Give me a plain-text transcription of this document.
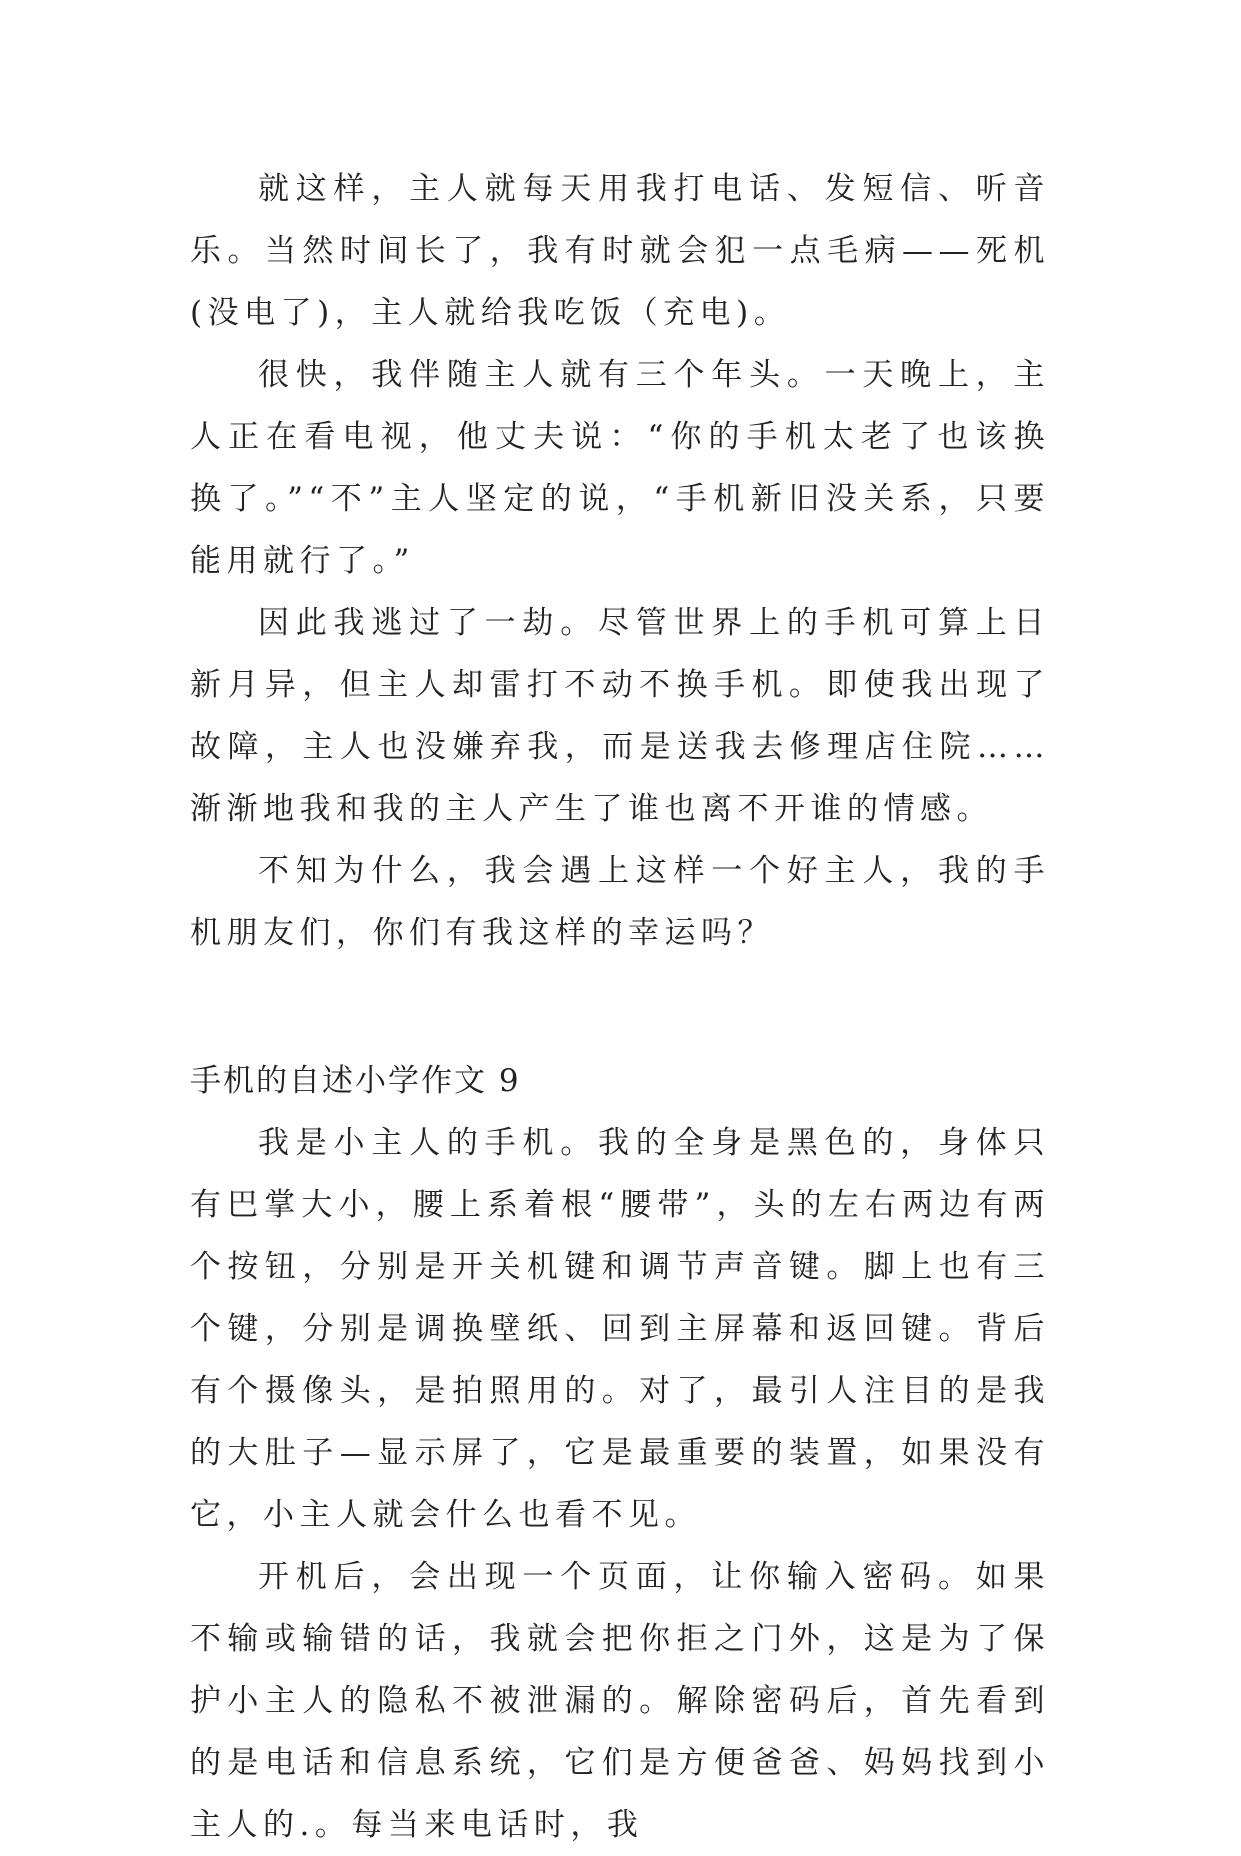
就这样，主人就每天用我打电话、发短信、听音乐。当然时间长了，我有时就会犯一点毛病——死机(没电了)，主人就给我吃饭（充电)。

很快，我伴随主人就有三个年头。一天晚上，主人正在看电视，他丈夫说：“你的手机太老了也该换换了。”“不”主人坚定的说，“手机新旧没关系，只要能用就行了。”

因此我逃过了一劫。尽管世界上的手机可算上日新月异，但主人却雷打不动不换手机。即使我出现了故障，主人也没嫌弃我，而是送我去修理店住院……渐渐地我和我的主人产生了谁也离不开谁的情感。

不知为什么，我会遇上这样一个好主人，我的手机朋友们，你们有我这样的幸运吗？

手机的自述小学作文 9

我是小主人的手机。我的全身是黑色的，身体只有巴掌大小，腰上系着根“腰带”，头的左右两边有两个按钮，分别是开关机键和调节声音键。脚上也有三个键，分别是调换壁纸、回到主屏幕和返回键。背后有个摄像头，是拍照用的。对了，最引人注目的是我的大肚子—显示屏了，它是最重要的装置，如果没有它，小主人就会什么也看不见。

开机后，会出现一个页面，让你输入密码。如果不输或输错的话，我就会把你拒之门外，这是为了保护小主人的隐私不被泄漏的。解除密码后，首先看到的是电话和信息系统，它们是方便爸爸、妈妈找到小主人的.。每当来电话时，我
